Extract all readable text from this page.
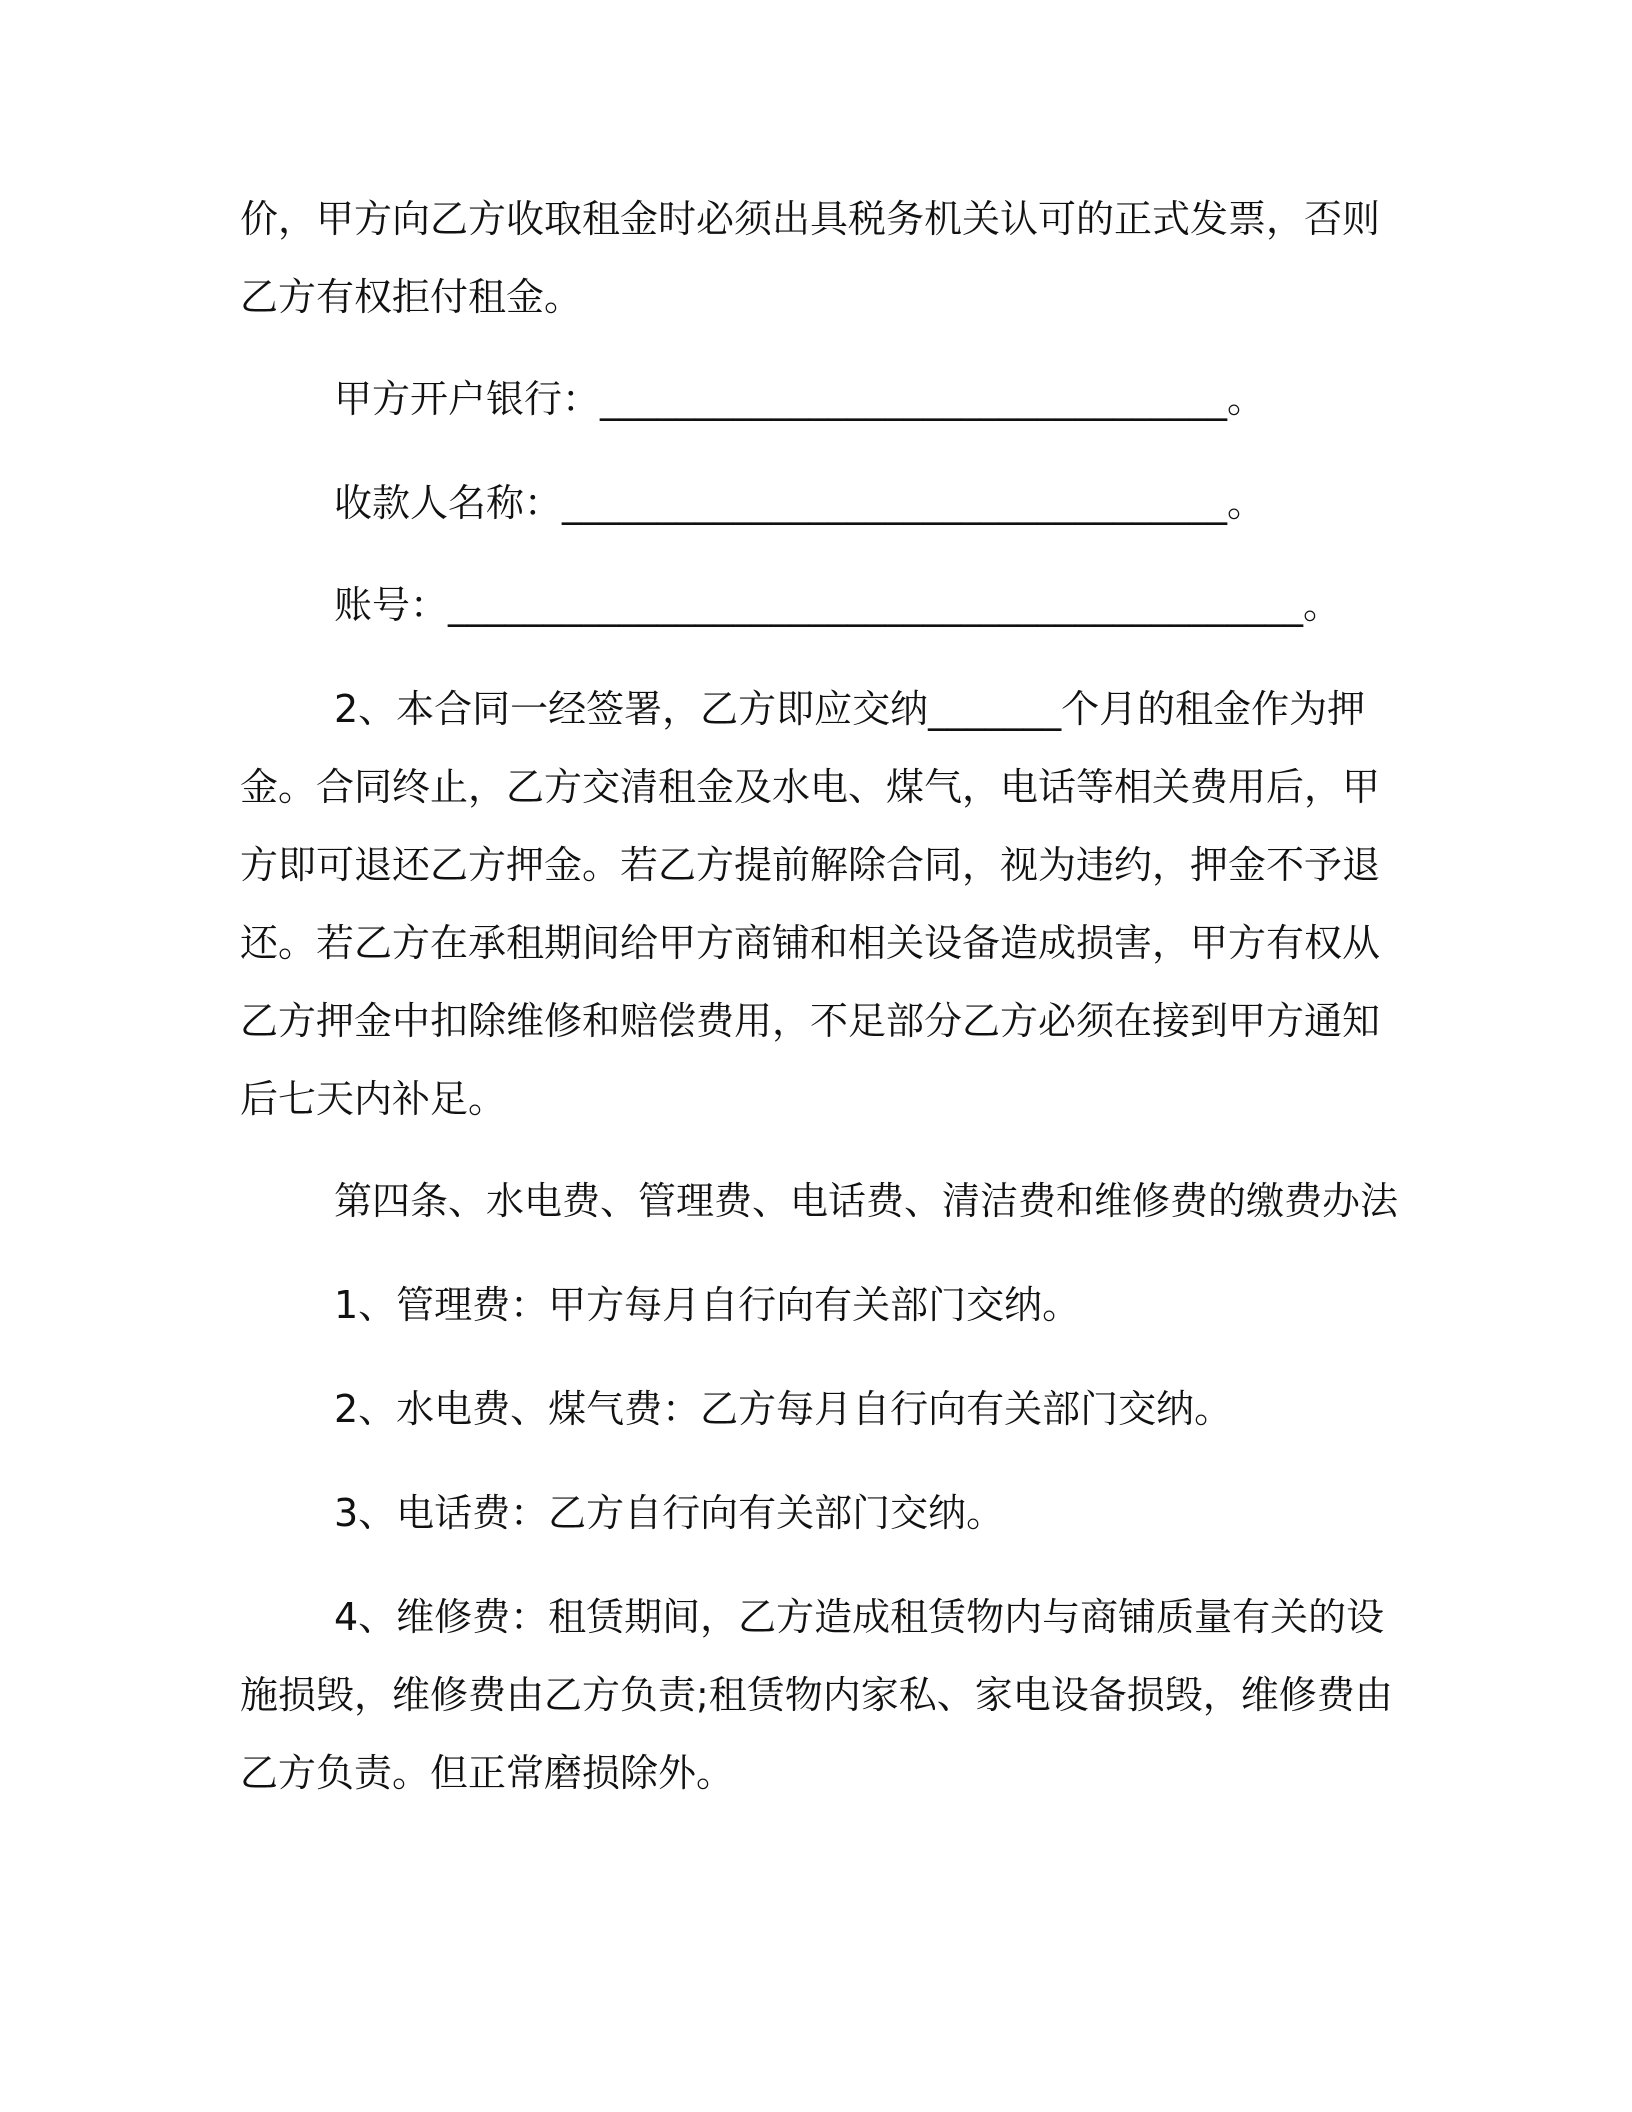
价，甲方向乙方收取租金时必须出具税务机关认可的正式发票，否则
乙方有权拒付租金。
甲方开户银行：_________________________________。
收款人名称：___________________________________。
账号：_____________________________________________。
2、本合同一经签署，乙方即应交纳_______个月的租金作为押
金。合同终止，乙方交清租金及水电、煤气，电话等相关费用后，甲
方即可退还乙方押金。若乙方提前解除合同，视为违约，押金不予退
还。若乙方在承租期间给甲方商铺和相关设备造成损害，甲方有权从
乙方押金中扣除维修和赔偿费用，不足部分乙方必须在接到甲方通知
后七天内补足。
第四条、水电费、管理费、电话费、清洁费和维修费的缴费办法
1、管理费：甲方每月自行向有关部门交纳。
2、水电费、煤气费：乙方每月自行向有关部门交纳。
3、电话费：乙方自行向有关部门交纳。
4、维修费：租赁期间，乙方造成租赁物内与商铺质量有关的设
施损毁，维修费由乙方负责;租赁物内家私、家电设备损毁，维修费由
乙方负责。但正常磨损除外。
